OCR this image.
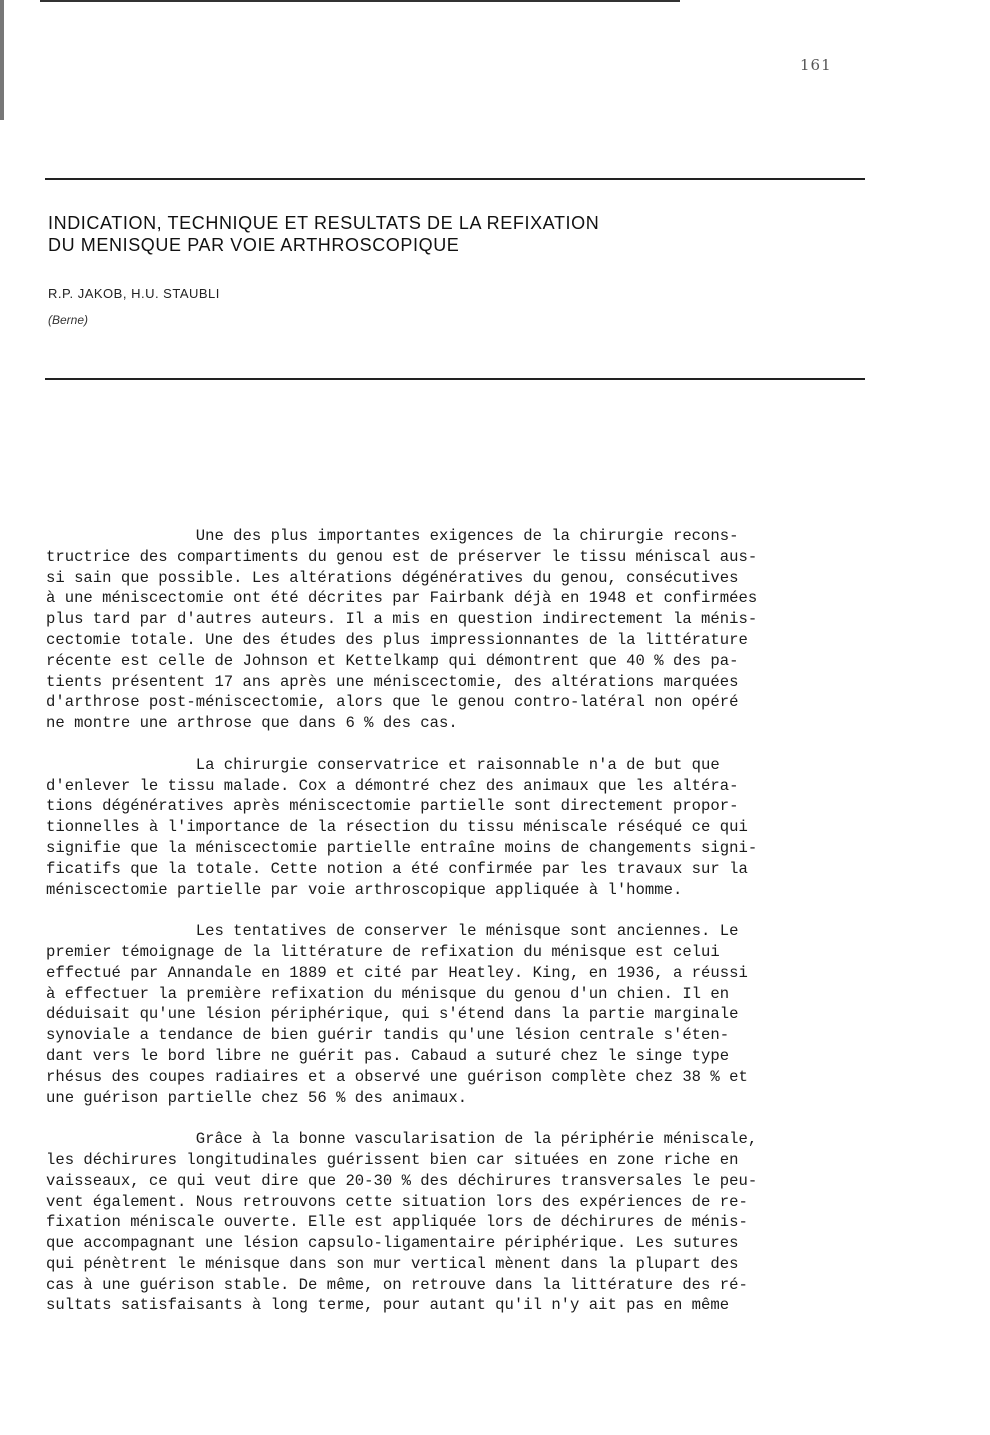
161
INDICATION, TECHNIQUE ET RESULTATS DE LA REFIXATION
DU MENISQUE PAR VOIE ARTHROSCOPIQUE
R.P. JAKOB, H.U. STAUBLI
(Berne)

Une des plus importantes exigences de la chirurgie recons-
tructrice des compartiments du genou est de préserver le tissu méniscal aus-
si sain que possible. Les altérations dégénératives du genou, consécutives
à une méniscectomie ont été décrites par Fairbank déjà en 1948 et confirmées
plus tard par d'autres auteurs. Il a mis en question indirectement la ménis-
cectomie totale. Une des études des plus impressionnantes de la littérature
récente est celle de Johnson et Kettelkamp qui démontrent que 40 % des pa-
tients présentent 17 ans après une méniscectomie, des altérations marquées
d'arthrose post-méniscectomie, alors que le genou contro-latéral non opéré
ne montre une arthrose que dans 6 % des cas.

La chirurgie conservatrice et raisonnable n'a de but que
d'enlever le tissu malade. Cox a démontré chez des animaux que les altéra-
tions dégénératives après méniscectomie partielle sont directement propor-
tionnelles à l'importance de la résection du tissu méniscale réséqué ce qui
signifie que la méniscectomie partielle entraîne moins de changements signi-
ficatifs que la totale. Cette notion a été confirmée par les travaux sur la
méniscectomie partielle par voie arthroscopique appliquée à l'homme.

Les tentatives de conserver le ménisque sont anciennes. Le
premier témoignage de la littérature de refixation du ménisque est celui
effectué par Annandale en 1889 et cité par Heatley. King, en 1936, a réussi
à effectuer la première refixation du ménisque du genou d'un chien. Il en
déduisait qu'une lésion périphérique, qui s'étend dans la partie marginale
synoviale a tendance de bien guérir tandis qu'une lésion centrale s'éten-
dant vers le bord libre ne guérit pas. Cabaud a suturé chez le singe type
rhésus des coupes radiaires et a observé une guérison complète chez 38 % et
une guérison partielle chez 56 % des animaux.

Grâce à la bonne vascularisation de la périphérie méniscale,
les déchirures longitudinales guérissent bien car situées en zone riche en
vaisseaux, ce qui veut dire que 20-30 % des déchirures transversales le peu-
vent également. Nous retrouvons cette situation lors des expériences de re-
fixation méniscale ouverte. Elle est appliquée lors de déchirures de ménis-
que accompagnant une lésion capsulo-ligamentaire périphérique. Les sutures
qui pénètrent le ménisque dans son mur vertical mènent dans la plupart des
cas à une guérison stable. De même, on retrouve dans la littérature des ré-
sultats satisfaisants à long terme, pour autant qu'il n'y ait pas en même
